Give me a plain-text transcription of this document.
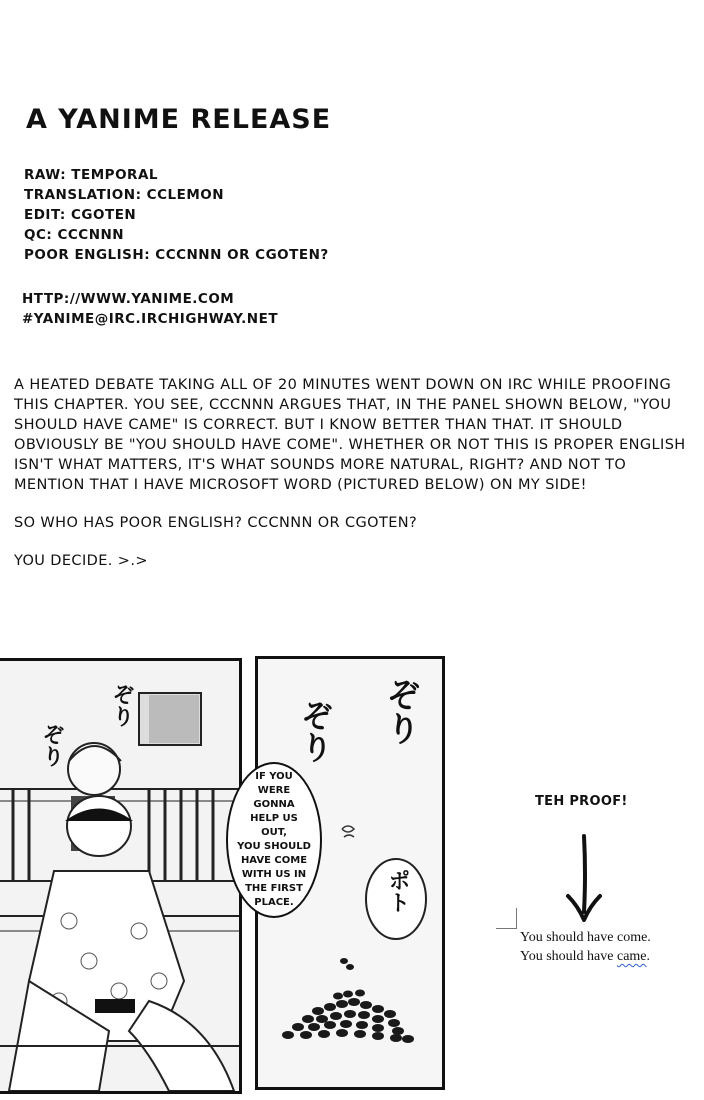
A YANIME RELEASE
RAW: TEMPORAL
TRANSLATION: CCLEMON
EDIT: CGOTEN
QC: CCCNNN
POOR ENGLISH: CCCNNN OR CGOTEN?
HTTP://WWW.YANIME.COM
#YANIME@IRC.IRCHIGHWAY.NET

A HEATED DEBATE TAKING ALL OF 20 MINUTES WENT DOWN ON IRC WHILE PROOFING THIS CHAPTER. YOU SEE, CCCNNN ARGUES THAT, IN THE PANEL SHOWN BELOW, "YOU SHOULD HAVE CAME" IS CORRECT. BUT I KNOW BETTER THAN THAT. IT SHOULD OBVIOUSLY BE "YOU SHOULD HAVE COME". WHETHER OR NOT THIS IS PROPER ENGLISH ISN'T WHAT MATTERS, IT'S WHAT SOUNDS MORE NATURAL, RIGHT? AND NOT TO MENTION THAT I HAVE MICROSOFT WORD (PICTURED BELOW) ON MY SIDE!

SO WHO HAS POOR ENGLISH? CCCNNN OR CGOTEN?

YOU DECIDE. >.>

ぞり
ぞり
IF YOU
WERE GONNA
HELP US OUT,
YOU SHOULD
HAVE COME
WITH US IN
THE FIRST
PLACE.
ぞり
ぞり
ポト
TEH PROOF!
You should have come.
You should have came.
